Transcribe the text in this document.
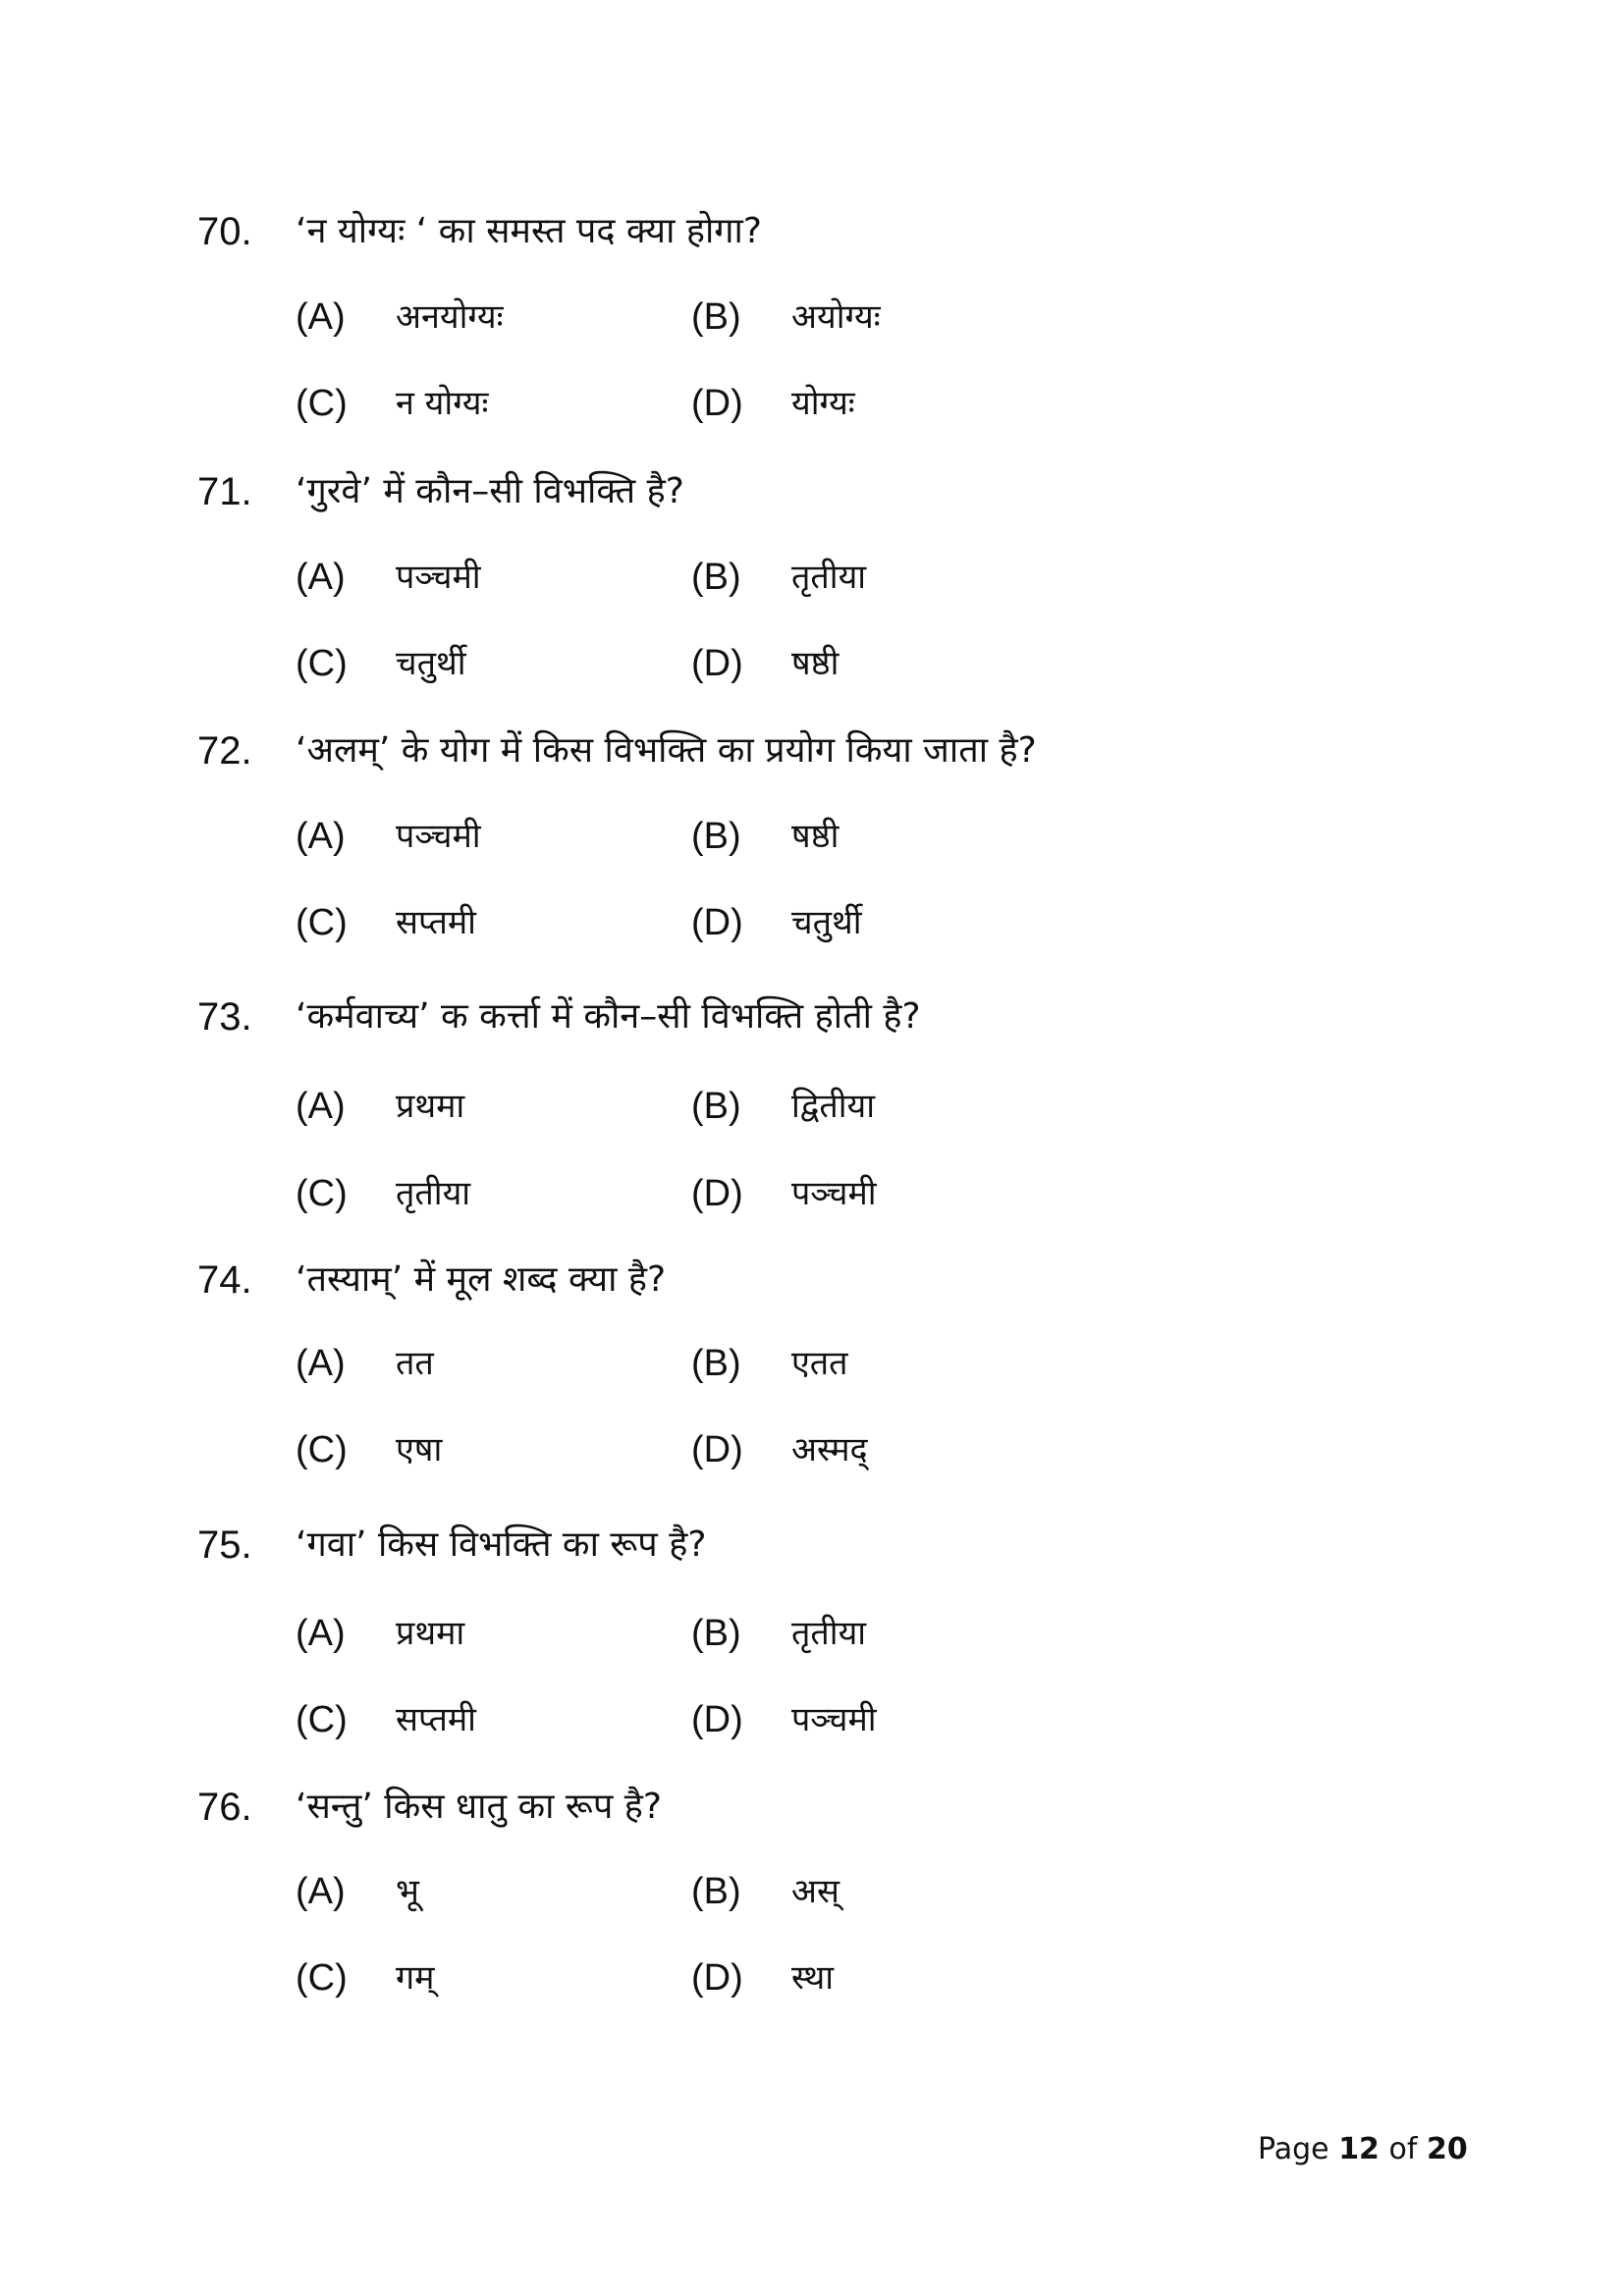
70. ‘न योग्यः ‘ का समस्त पद क्या होगा?
(A) अनयोग्यः	(B) अयोग्यः
(C) न योग्यः	(D) योग्यः
71. ‘गुरवे’ में कौन–सी विभक्ति है?
(A) पञ्चमी	(B) तृतीया
(C) चतुर्थी	(D) षष्ठी
72. ‘अलम्’ के योग में किस विभक्ति का प्रयोग किया जाता है?
(A) पञ्चमी	(B) षष्ठी
(C) सप्तमी	(D) चतुर्थी
73. ‘कर्मवाच्य’ क कर्त्ता में कौन–सी विभक्ति होती है?
(A) प्रथमा	(B) द्वितीया
(C) तृतीया	(D) पञ्चमी
74. ‘तस्याम्’ में मूल शब्द क्या है?
(A) तत	(B) एतत
(C) एषा	(D) अस्मद्
75. ‘गवा’ किस विभक्ति का रूप है?
(A) प्रथमा	(B) तृतीया
(C) सप्तमी	(D) पञ्चमी
76. ‘सन्तु’ किस धातु का रूप है?
(A) भू	(B) अस्
(C) गम्	(D) स्था
Page 12 of 20
